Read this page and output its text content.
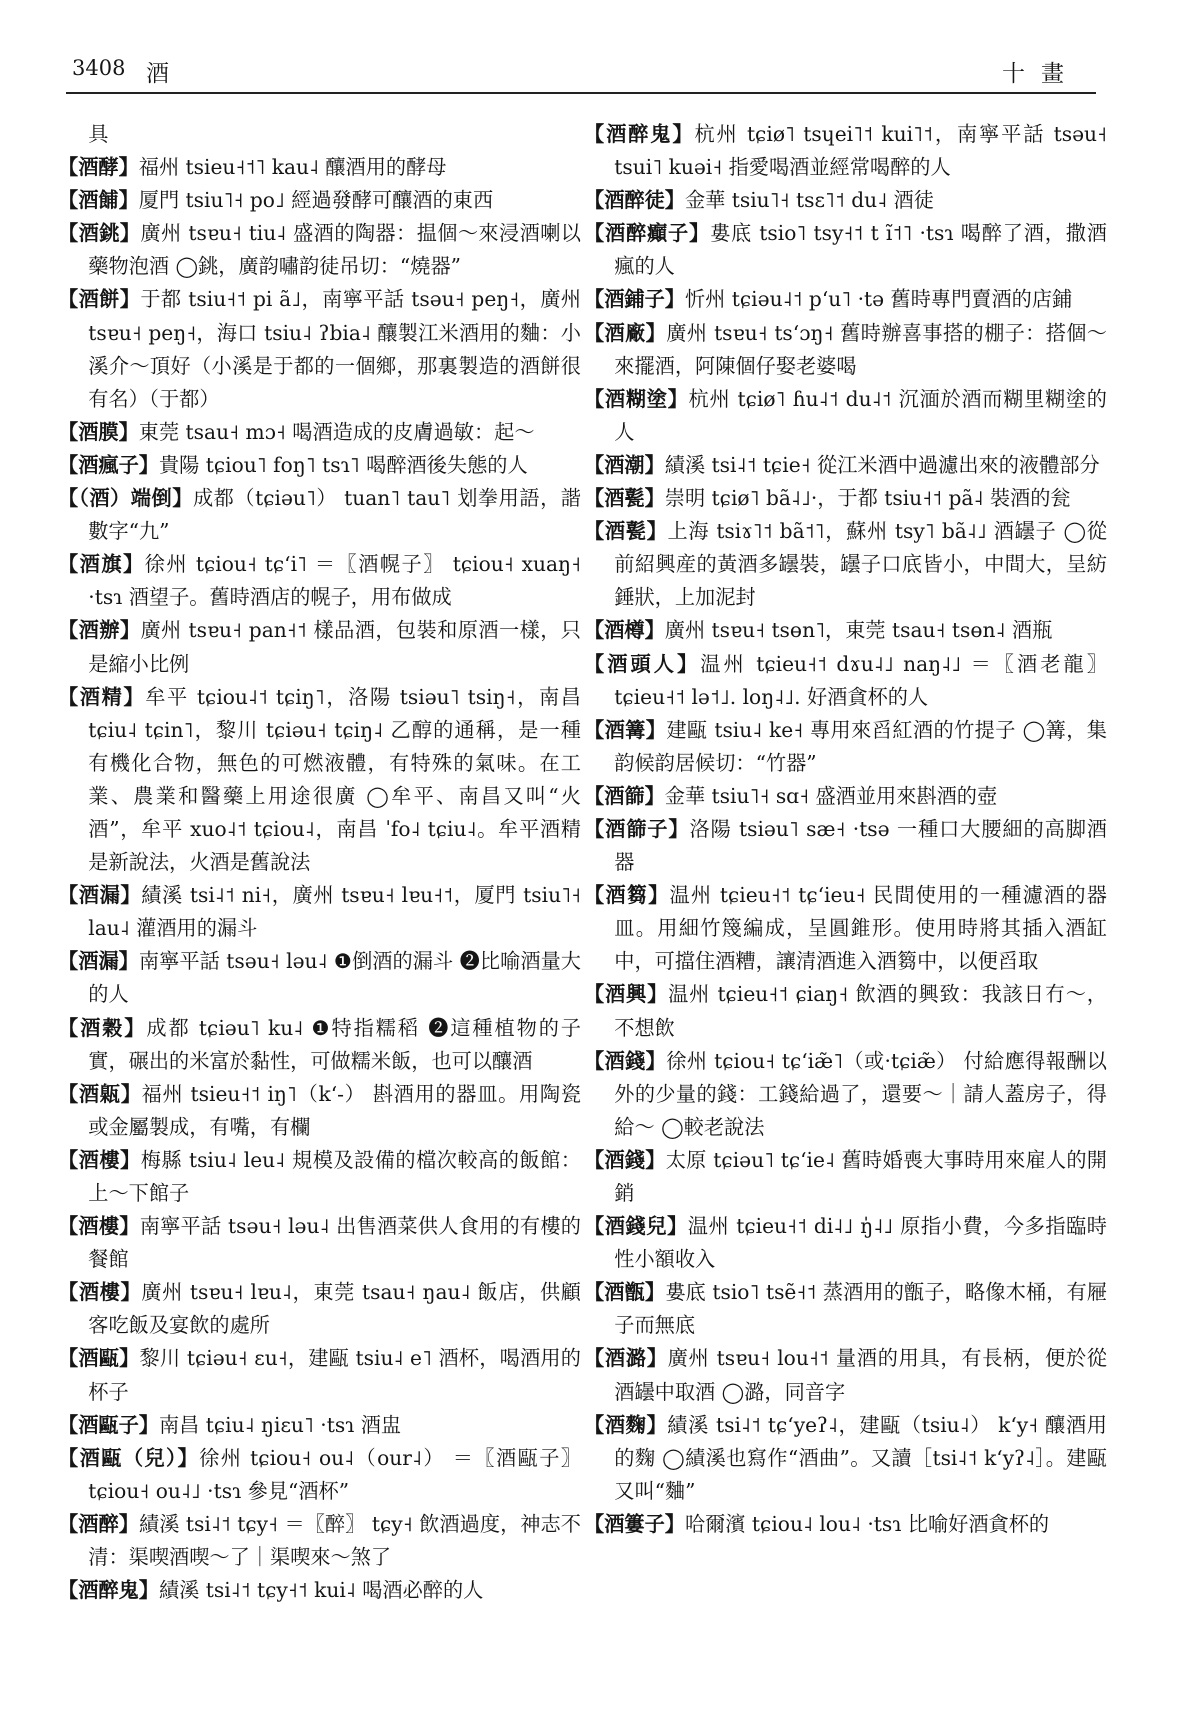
3408 酒	十畫

具

【酒酵】福州 tsieu˧˦˥ kau˨ 釀酒用的酵母

【酒餔】厦門 tsiu˥˧ po˩ 經過發酵可釀酒的東西

【酒銚】廣州 tsɐu˧ tiu˨ 盛酒的陶器：揾個～來浸酒喇以藥物泡酒 ◯銚，廣韵嘯韵徒吊切：“燒器”

【酒餅】于都 tsiu˧˦ pi ã˩，南寧平話 tsəu˧ peŋ˧，廣州 tsɐu˧ peŋ˧，海口 tsiu˨ ʔbia˨ 釀製江米酒用的麯：小溪介～頂好（小溪是于都的一個鄉，那裏製造的酒餅很有名）（于都）

【酒膜】東莞 tsau˧ mɔ˧ 喝酒造成的皮膚過敏：起～

【酒瘋子】貴陽 tɕiou˥ foŋ˥ tsɿ˥ 喝醉酒後失態的人

【（酒）端倒】成都（tɕiəu˥） tuan˥ tau˥ 划拳用語，諧數字“九”

【酒旗】徐州 tɕiou˧ tɕʻi˥ ＝〖酒幌子〗 tɕiou˧ xuaŋ˧ ·tsɿ 酒望子。舊時酒店的幌子，用布做成

【酒辦】廣州 tsɐu˧ pan˧˦ 樣品酒，包裝和原酒一樣，只是縮小比例

【酒精】牟平 tɕiou˨˦ tɕiŋ˥，洛陽 tsiəu˥ tsiŋ˧，南昌 tɕiu˨ tɕin˥，黎川 tɕiəu˧ tɕiŋ˨ 乙醇的通稱，是一種有機化合物，無色的可燃液體，有特殊的氣味。在工業、農業和醫藥上用途很廣 ◯牟平、南昌又叫“火酒”，牟平 xuo˨˦ tɕiou˨，南昌 ˈfo˨ tɕiu˨。牟平酒精是新說法，火酒是舊說法

【酒漏】績溪 tsi˨˦ ni˧，廣州 tsɐu˧ lɐu˧˦，厦門 tsiu˥˧ lau˨ 灌酒用的漏斗

【酒漏】南寧平話 tsəu˧ ləu˨ ❶倒酒的漏斗 ❷比喻酒量大的人

【酒穀】成都 tɕiəu˥ ku˨ ❶特指糯稻 ❷這種植物的子實，碾出的米富於黏性，可做糯米飯，也可以釀酒

【酒甈】福州 tsieu˧˦ iŋ˥（kʻ-） 斟酒用的器皿。用陶瓷或金屬製成，有嘴，有欄

【酒樓】梅縣 tsiu˨ leu˨ 規模及設備的檔次較高的飯館：上～下館子

【酒樓】南寧平話 tsəu˧ ləu˨ 出售酒菜供人食用的有樓的餐館

【酒樓】廣州 tsɐu˧ lɐu˨，東莞 tsau˧ ŋau˨ 飯店，供顧客吃飯及宴飲的處所

【酒甌】黎川 tɕiəu˧ ɛu˧，建甌 tsiu˨ e˥ 酒杯，喝酒用的杯子

【酒甌子】南昌 tɕiu˨ ŋiɛu˥ ·tsɿ 酒盅

【酒甌（兒）】徐州 tɕiou˧ ou˨（our˨） ＝〖酒甌子〗 tɕiou˧ ou˨˩ ·tsɿ 參見“酒杯”

【酒醉】績溪 tsi˨˦ tɕy˧ ＝〖醉〗 tɕy˧ 飲酒過度，神志不清：渠喫酒喫～了｜渠喫來～煞了

【酒醉鬼】績溪 tsi˨˦ tɕy˧˦ kui˨ 喝酒必醉的人

【酒醉鬼】杭州 tɕiø˥ tsɥei˥˦ kui˥˦，南寧平話 tsəu˧ tsui˥ kuəi˧ 指愛喝酒並經常喝醉的人

【酒醉徒】金華 tsiu˥˧ tsɛ˥˦ du˨ 酒徒

【酒醉癲子】婁底 tsio˥ tsy˧˦ t ĩ˦˥ ·tsɿ 喝醉了酒，撒酒瘋的人

【酒鋪子】忻州 tɕiəu˨˦ pʻu˥ ·tə 舊時專門賣酒的店鋪

【酒廠】廣州 tsɐu˧ tsʻɔŋ˧ 舊時辦喜事搭的棚子：搭個～來擺酒，阿陳個仔娶老婆喝

【酒糊塗】杭州 tɕiø˥ ɦu˨˦ du˨˦ 沉湎於酒而糊里糊塗的人

【酒潮】績溪 tsi˨˦ tɕie˧ 從江米酒中過濾出來的液體部分

【酒甏】崇明 tɕiø˥ bã˨˩·，于都 tsiu˧˦ pã˨ 裝酒的瓮

【酒甏】上海 tsiɤ˥˦ bã˦˥，蘇州 tsy˥ bã˨˩ 酒罎子 ◯從前紹興産的黃酒多罎裝，罎子口底皆小，中間大，呈紡錘狀，上加泥封

【酒樽】廣州 tsɐu˧ tsɵn˥，東莞 tsau˧ tsɵn˨ 酒瓶

【酒頭人】温州 tɕieu˧˦ dɤu˨˩ naŋ˨˩ ＝〖酒老龍〗 tɕieu˧˦ lə˦˩. loŋ˨˩. 好酒貪杯的人

【酒篝】建甌 tsiu˨ ke˧ 專用來舀紅酒的竹提子 ◯篝，集韵候韵居候切：“竹器”

【酒篩】金華 tsiu˥˧ sɑ˧ 盛酒並用來斟酒的壺

【酒篩子】洛陽 tsiəu˥ sæ˧ ·tsə 一種口大腰細的高脚酒器

【酒篘】温州 tɕieu˧˦ tɕʻieu˧ 民間使用的一種濾酒的器皿。用細竹篾編成，呈圓錐形。使用時將其插入酒缸中，可擋住酒糟，讓清酒進入酒篘中，以便舀取

【酒興】温州 tɕieu˧˦ ɕiaŋ˧ 飲酒的興致：我該日冇～，不想飲

【酒錢】徐州 tɕiou˧ tɕʻiæ̃˥（或·tɕiæ̃） 付給應得報酬以外的少量的錢：工錢給過了，還要～｜請人蓋房子，得給～ ◯較老說法

【酒錢】太原 tɕiəu˥ tɕʻie˨ 舊時婚喪大事時用來雇人的開銷

【酒錢兒】温州 tɕieu˧˦ di˨˩ ŋ̍˨˩ 原指小費，今多指臨時性小額收入

【酒甑】婁底 tsio˥ tsẽ˧˦ 蒸酒用的甑子，略像木桶，有屜子而無底

【酒潞】廣州 tsɐu˧ lou˧˦ 量酒的用具，有長柄，便於從酒罎中取酒 ◯潞，同音字

【酒麴】績溪 tsi˨˦ tɕʻyeʔ˨，建甌（tsiu˨） kʻy˧ 釀酒用的麴 ◯績溪也寫作“酒曲”。又讀［tsi˨˦ kʻyʔ˨］。建甌又叫“麯”

【酒簍子】哈爾濱 tɕiou˨ lou˨ ·tsɿ 比喻好酒貪杯的
